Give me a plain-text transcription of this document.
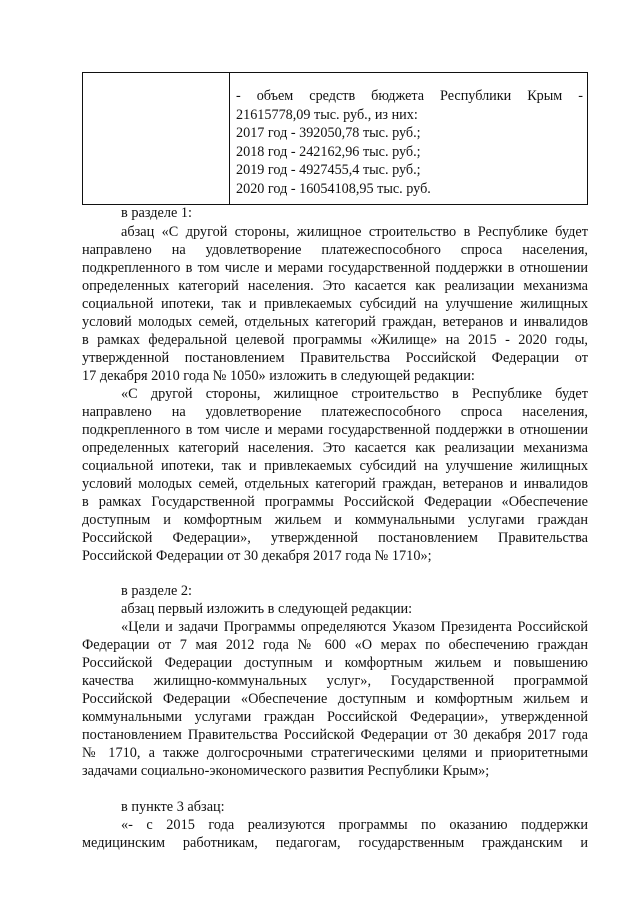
- объем средств бюджета Республики Крым -
21615778,09 тыс. руб., из них:
2017 год - 392050,78 тыс. руб.;
2018 год - 242162,96 тыс. руб.;
2019 год - 4927455,4 тыс. руб.;
2020 год - 16054108,95 тыс. руб.
в разделе 1:
абзац «С другой стороны, жилищное строительство в Республике будет
направлено на удовлетворение платежеспособного спроса населения,
подкрепленного в том числе и мерами государственной поддержки в отношении
определенных категорий населения. Это касается как реализации механизма
социальной ипотеки, так и привлекаемых субсидий на улучшение жилищных
условий молодых семей, отдельных категорий граждан, ветеранов и инвалидов
в рамках федеральной целевой программы «Жилище» на 2015 - 2020 годы,
утвержденной постановлением Правительства Российской Федерации от
17 декабря 2010 года № 1050» изложить в следующей редакции:
«С другой стороны, жилищное строительство в Республике будет
направлено на удовлетворение платежеспособного спроса населения,
подкрепленного в том числе и мерами государственной поддержки в отношении
определенных категорий населения. Это касается как реализации механизма
социальной ипотеки, так и привлекаемых субсидий на улучшение жилищных
условий молодых семей, отдельных категорий граждан, ветеранов и инвалидов
в рамках Государственной программы Российской Федерации «Обеспечение
доступным и комфортным жильем и коммунальными услугами граждан
Российской Федерации», утвержденной постановлением Правительства
Российской Федерации от 30 декабря 2017 года № 1710»;
в разделе 2:
абзац первый изложить в следующей редакции:
«Цели и задачи Программы определяются Указом Президента Российской
Федерации от 7 мая 2012 года № 600 «О мерах по обеспечению граждан
Российской Федерации доступным и комфортным жильем и повышению
качества жилищно-коммунальных услуг», Государственной программой
Российской Федерации «Обеспечение доступным и комфортным жильем и
коммунальными услугами граждан Российской Федерации», утвержденной
постановлением Правительства Российской Федерации от 30 декабря 2017 года
№ 1710, а также долгосрочными стратегическими целями и приоритетными
задачами социально-экономического развития Республики Крым»;
в пункте 3 абзац:
«- с 2015 года реализуются программы по оказанию поддержки
медицинским работникам, педагогам, государственным гражданским и
